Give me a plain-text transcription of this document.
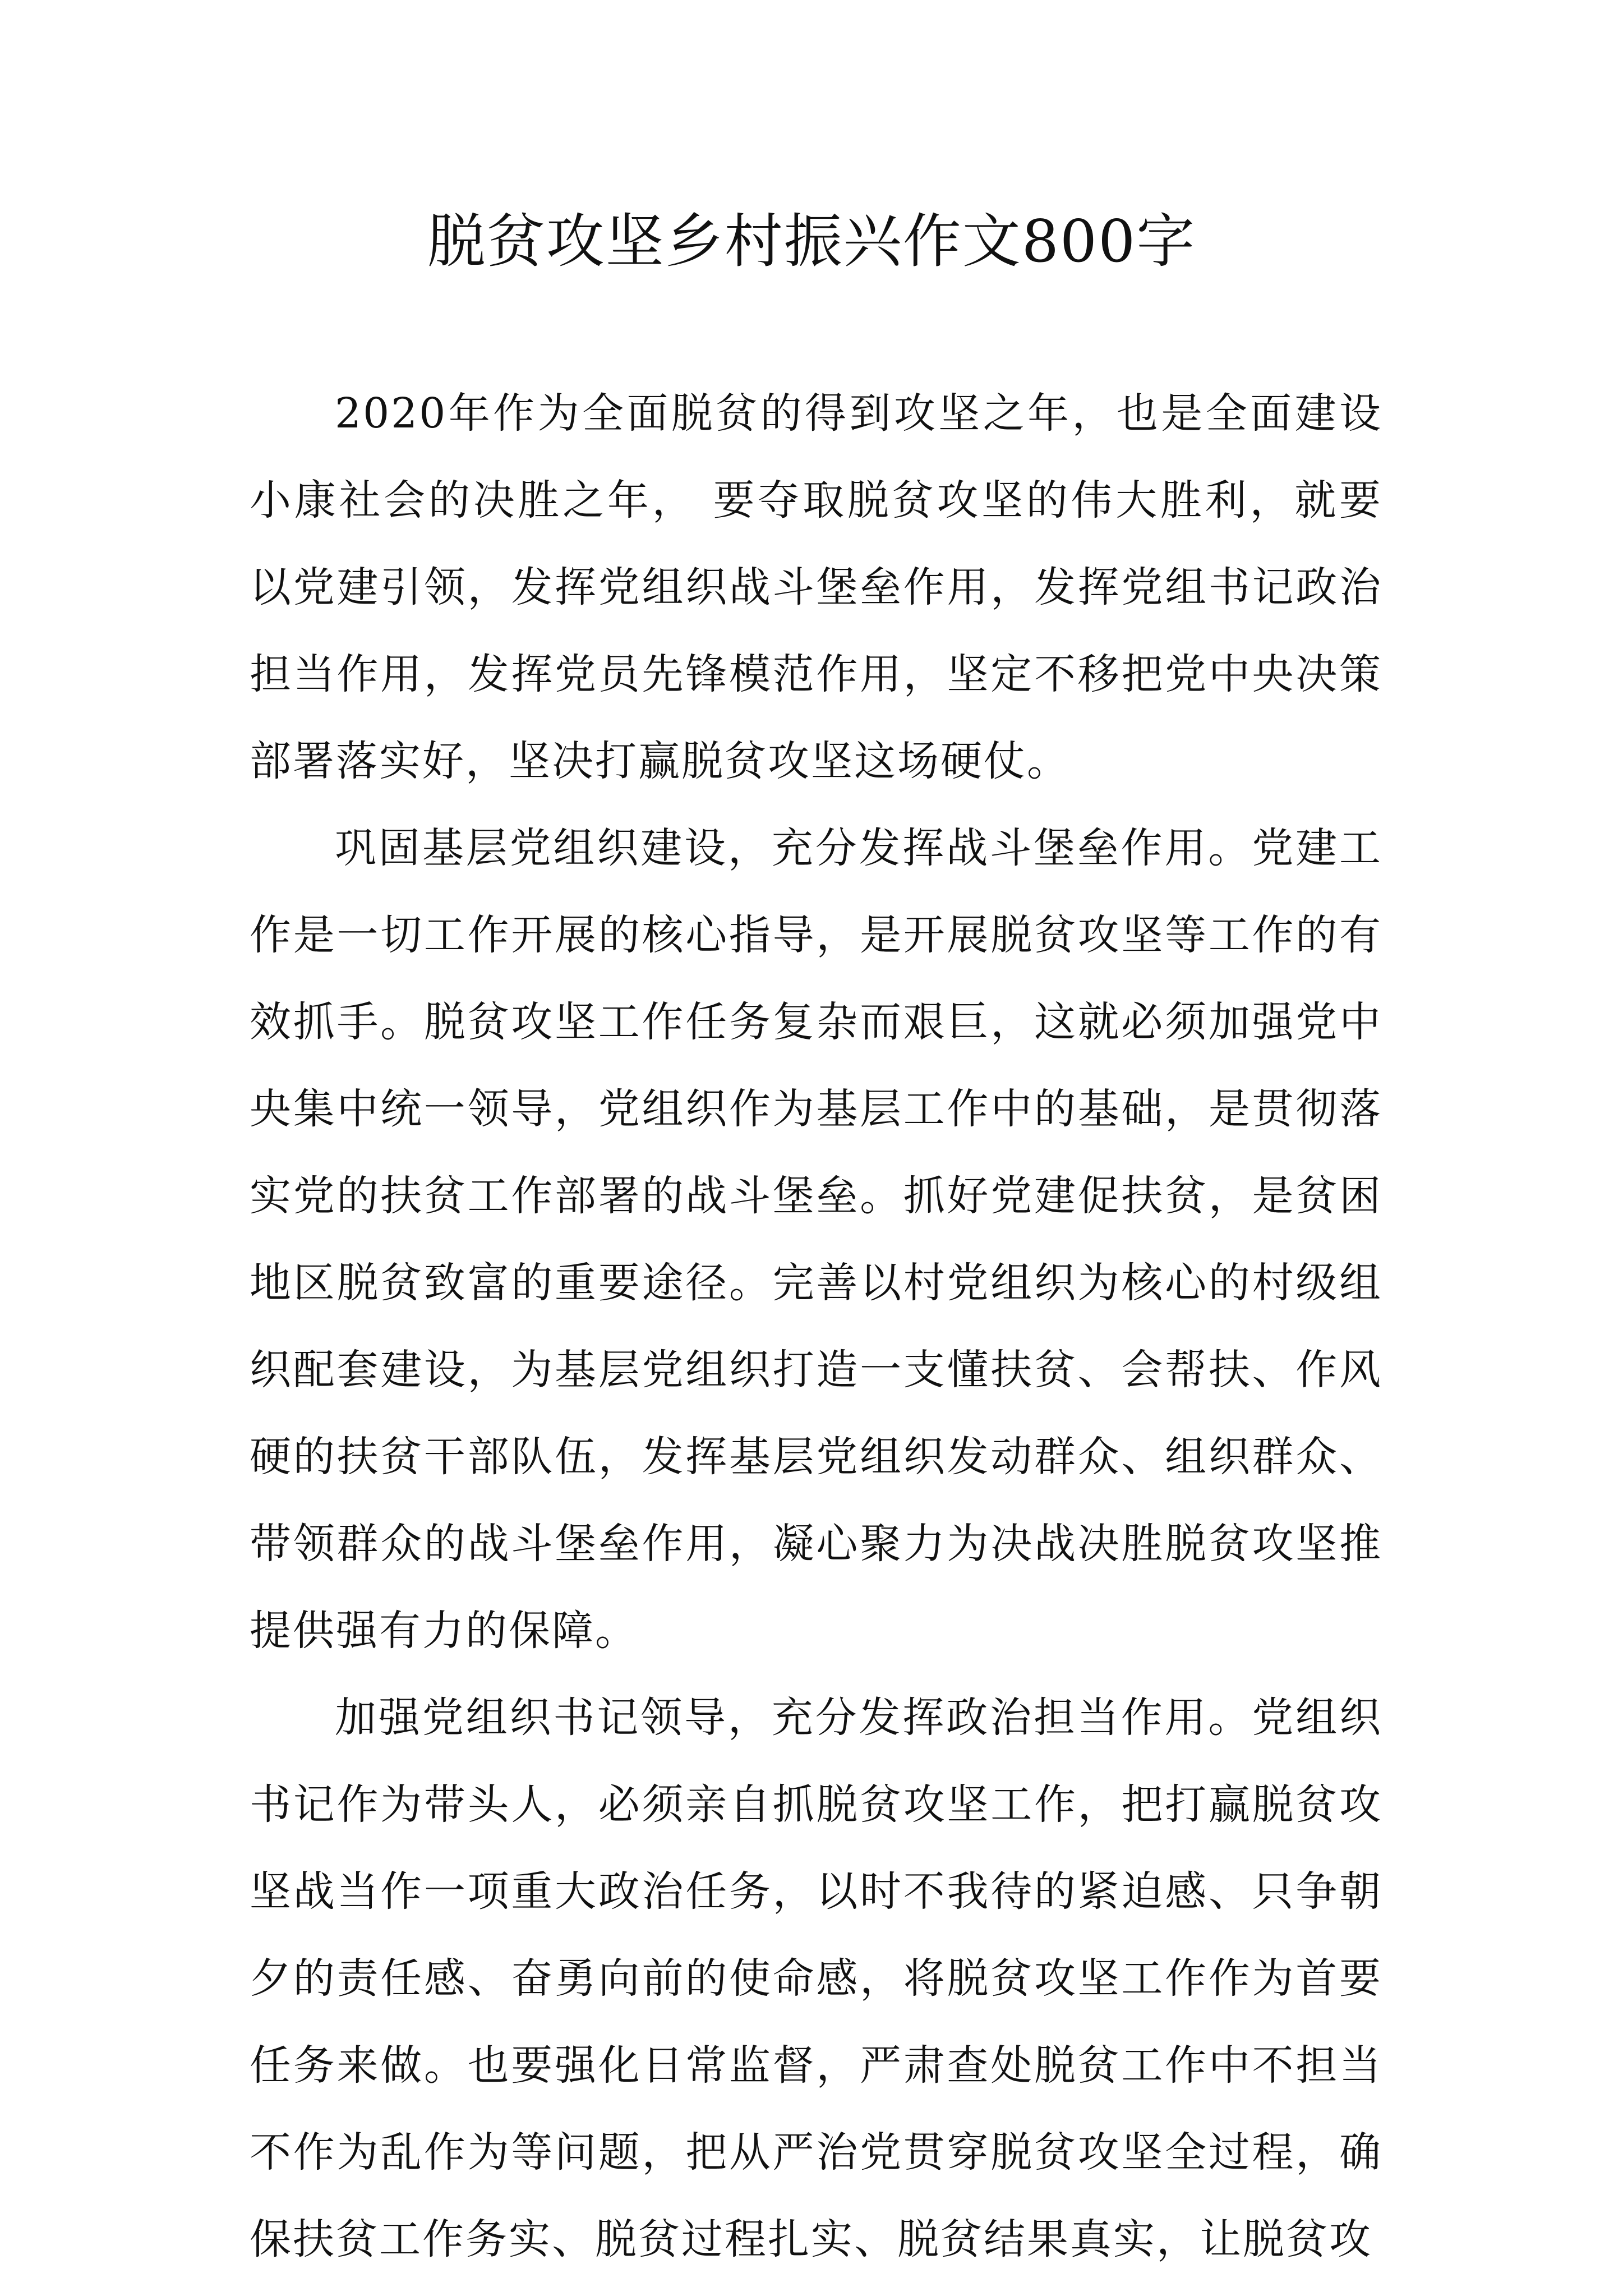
脱贫攻坚乡村振兴作文800字

2020年作为全面脱贫的得到攻坚之年，也是全面建设小康社会的决胜之年， 要夺取脱贫攻坚的伟大胜利，就要以党建引领，发挥党组织战斗堡垒作用，发挥党组书记政治担当作用，发挥党员先锋模范作用，坚定不移把党中央决策部署落实好，坚决打赢脱贫攻坚这场硬仗。

巩固基层党组织建设，充分发挥战斗堡垒作用。党建工作是一切工作开展的核心指导，是开展脱贫攻坚等工作的有效抓手。脱贫攻坚工作任务复杂而艰巨，这就必须加强党中央集中统一领导，党组织作为基层工作中的基础，是贯彻落实党的扶贫工作部署的战斗堡垒。抓好党建促扶贫，是贫困地区脱贫致富的重要途径。完善以村党组织为核心的村级组织配套建设，为基层党组织打造一支懂扶贫、会帮扶、作风硬的扶贫干部队伍，发挥基层党组织发动群众、组织群众、带领群众的战斗堡垒作用，凝心聚力为决战决胜脱贫攻坚推提供强有力的保障。

加强党组织书记领导，充分发挥政治担当作用。党组织书记作为带头人，必须亲自抓脱贫攻坚工作，把打赢脱贫攻坚战当作一项重大政治任务，以时不我待的紧迫感、只争朝夕的责任感、奋勇向前的使命感，将脱贫攻坚工作作为首要任务来做。也要强化日常监督，严肃查处脱贫工作中不担当不作为乱作为等问题，把从严治党贯穿脱贫攻坚全过程，确保扶贫工作务实、脱贫过程扎实、脱贫结果真实，让脱贫攻
